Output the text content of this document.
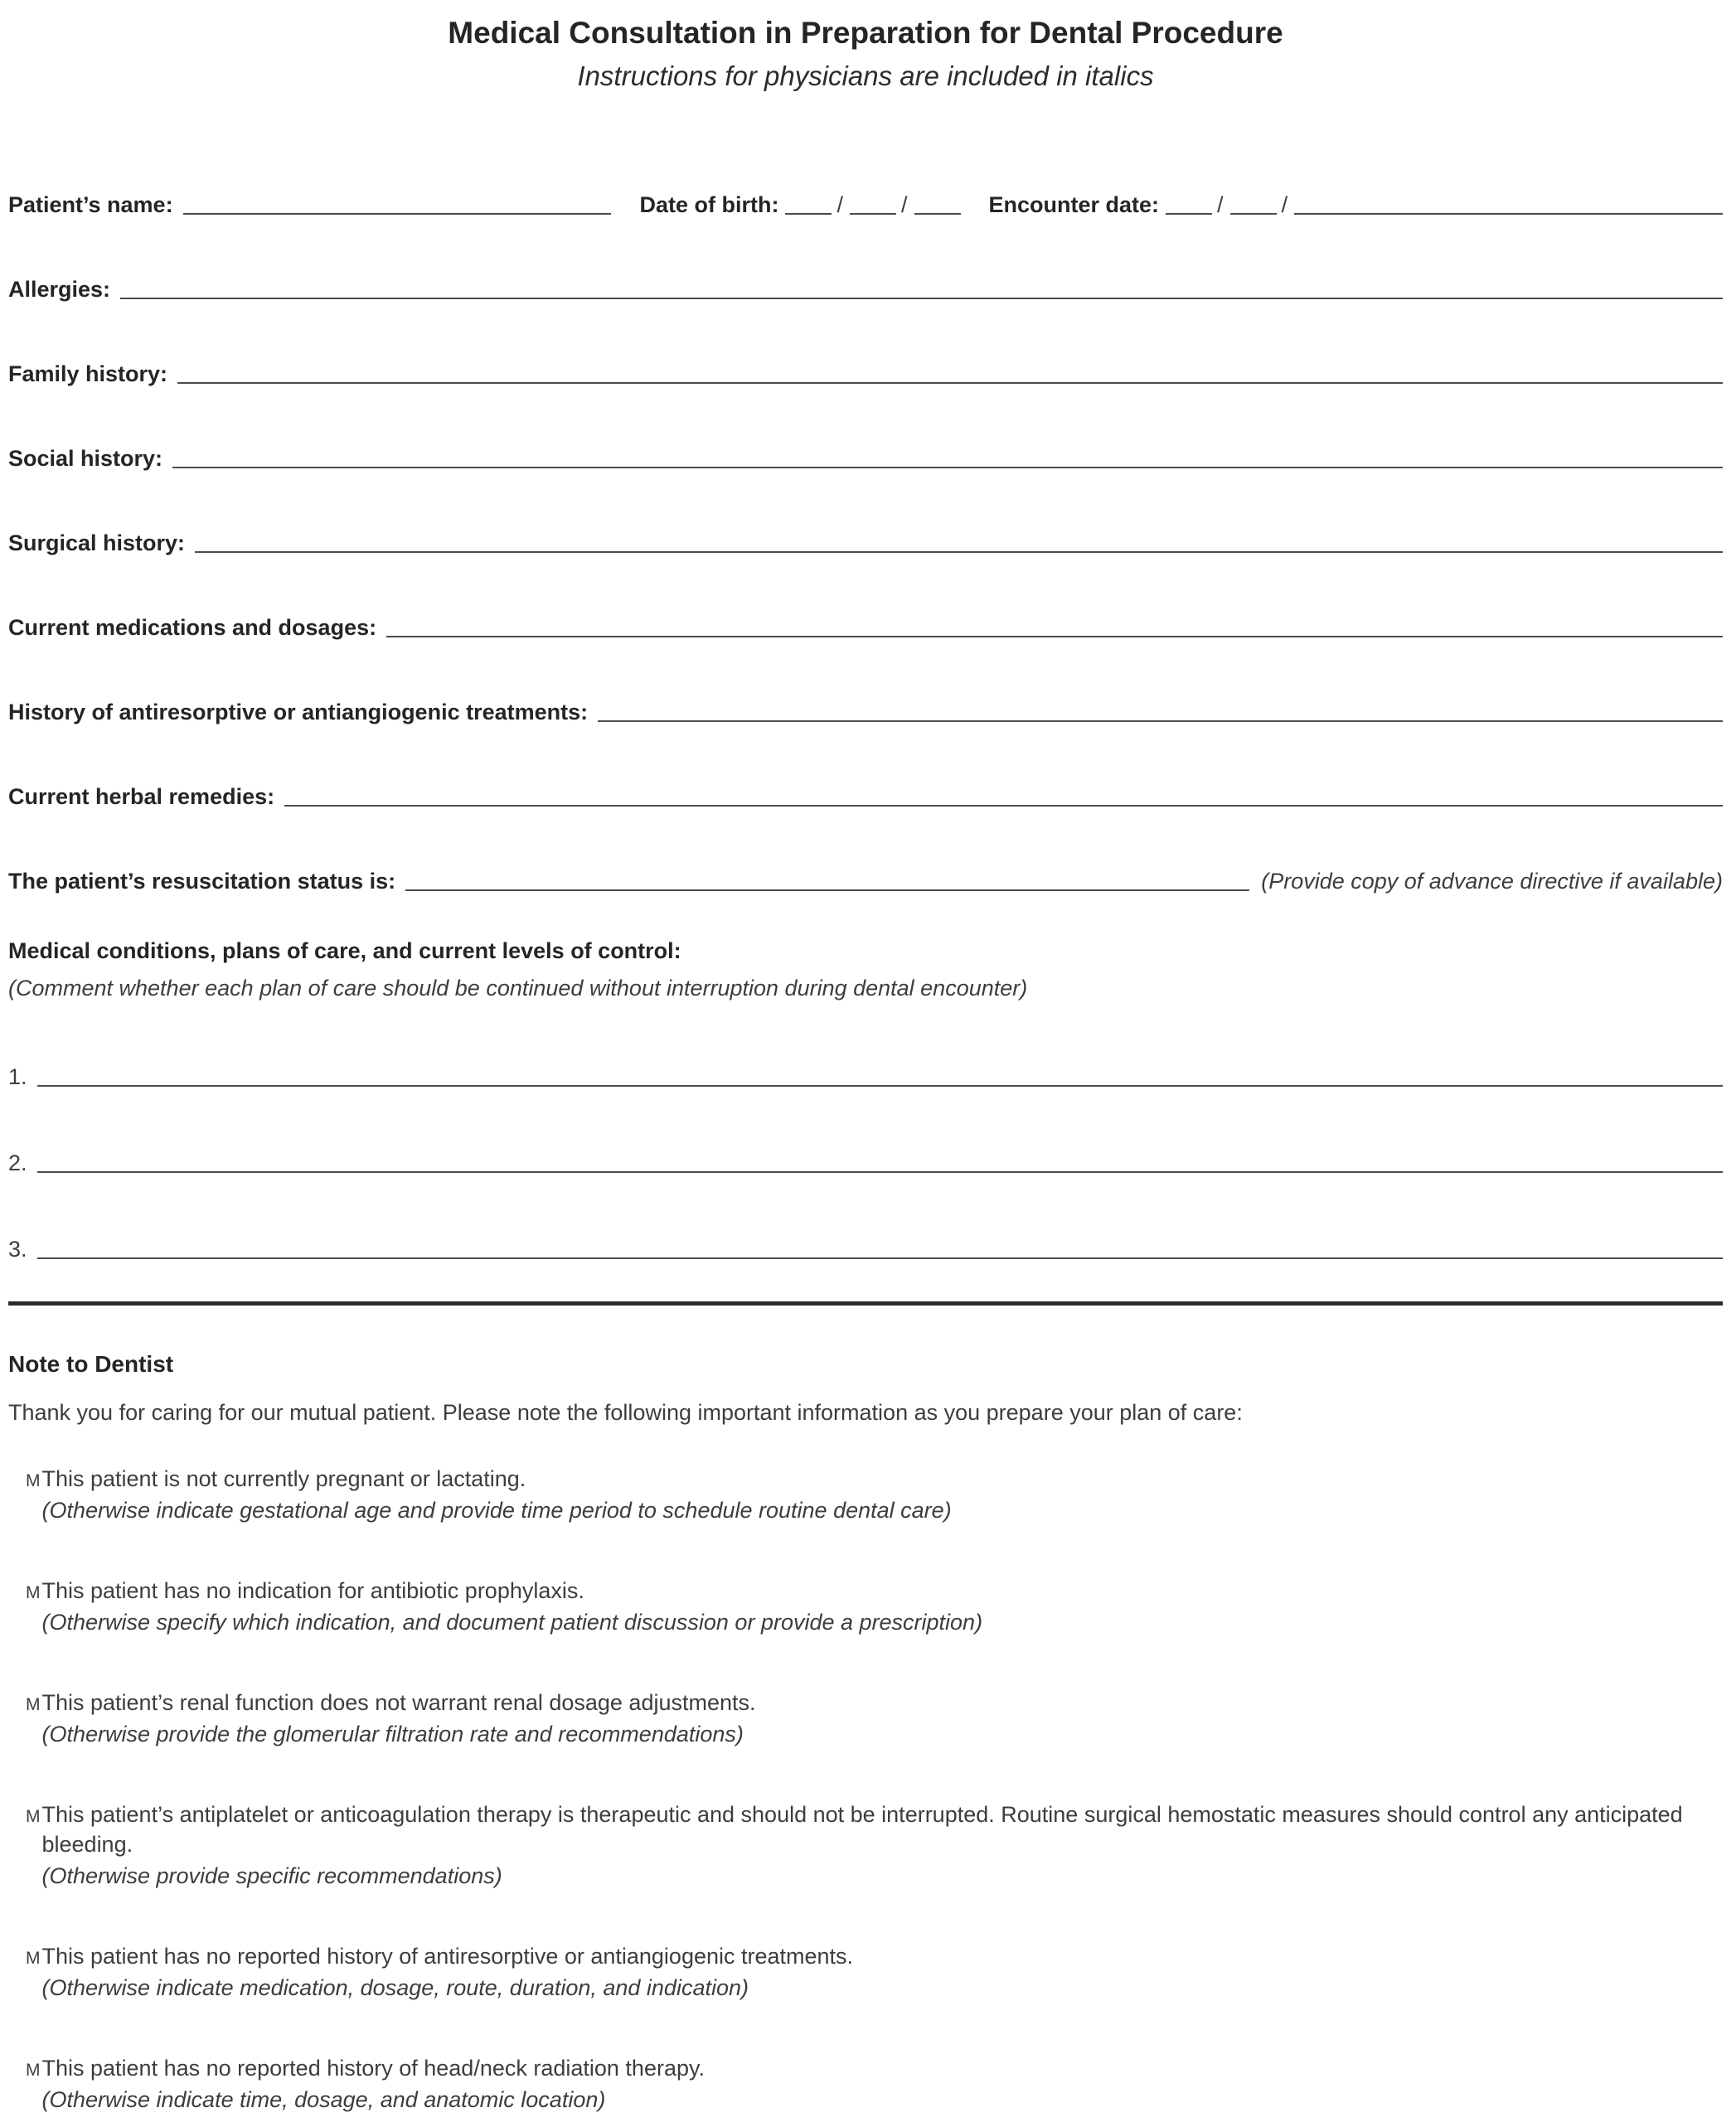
Medical Consultation in Preparation for Dental Procedure
Instructions for physicians are included in italics
Patient’s name:	Date of birth:	/	/	Encounter date:	/	/
Allergies:
Family history:
Social history:
Surgical history:
Current medications and dosages:
History of antiresorptive or antiangiogenic treatments:
Current herbal remedies:
The patient’s resuscitation status is:	(Provide copy of advance directive if available)
Medical conditions, plans of care, and current levels of control:
(Comment whether each plan of care should be continued without interruption during dental encounter)
1.
2.
3.
Note to Dentist

Thank you for caring for our mutual patient. Please note the following important information as you prepare your plan of care:

M This patient is not currently pregnant or lactating.
(Otherwise indicate gestational age and provide time period to schedule routine dental care)
M This patient has no indication for antibiotic prophylaxis.
(Otherwise specify which indication, and document patient discussion or provide a prescription)
M This patient’s renal function does not warrant renal dosage adjustments.
(Otherwise provide the glomerular filtration rate and recommendations)
M This patient’s antiplatelet or anticoagulation therapy is therapeutic and should not be interrupted. Routine surgical hemostatic measures should control any anticipated bleeding.
(Otherwise provide specific recommendations)
M This patient has no reported history of antiresorptive or antiangiogenic treatments.
(Otherwise indicate medication, dosage, route, duration, and indication)
M This patient has no reported history of head/neck radiation therapy.
(Otherwise indicate time, dosage, and anatomic location)
